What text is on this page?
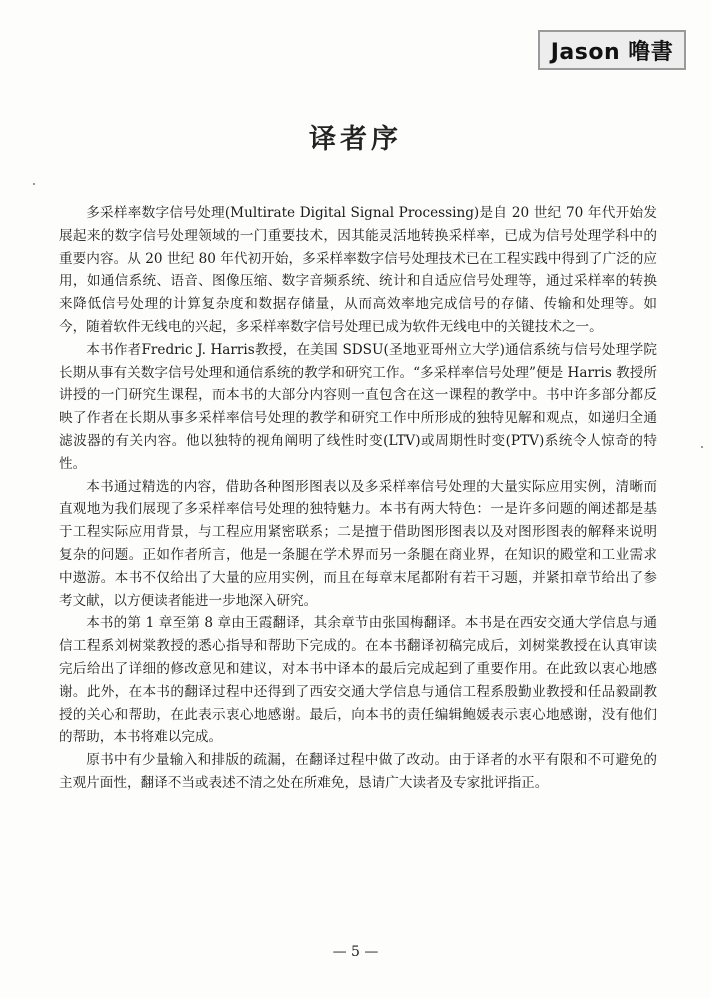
Jason 噜書
译者序

多采样率数字信号处理(Multirate Digital Signal Processing)是自 20 世纪 70 年代开始发展起来的数字信号处理领域的一门重要技术，因其能灵活地转换采样率，已成为信号处理学科中的重要内容。从 20 世纪 80 年代初开始，多采样率数字信号处理技术已在工程实践中得到了广泛的应用，如通信系统、语音、图像压缩、数字音频系统、统计和自适应信号处理等，通过采样率的转换来降低信号处理的计算复杂度和数据存储量，从而高效率地完成信号的存储、传输和处理等。如今，随着软件无线电的兴起，多采样率数字信号处理已成为软件无线电中的关键技术之一。

本书作者Fredric J. Harris教授，在美国 SDSU(圣地亚哥州立大学)通信系统与信号处理学院长期从事有关数字信号处理和通信系统的教学和研究工作。“多采样率信号处理”便是 Harris 教授所讲授的一门研究生课程，而本书的大部分内容则一直包含在这一课程的教学中。书中许多部分都反映了作者在长期从事多采样率信号处理的教学和研究工作中所形成的独特见解和观点，如递归全通滤波器的有关内容。他以独特的视角阐明了线性时变(LTV)或周期性时变(PTV)系统令人惊奇的特性。

本书通过精选的内容，借助各种图形图表以及多采样率信号处理的大量实际应用实例，清晰而直观地为我们展现了多采样率信号处理的独特魅力。本书有两大特色：一是许多问题的阐述都是基于工程实际应用背景，与工程应用紧密联系；二是擅于借助图形图表以及对图形图表的解释来说明复杂的问题。正如作者所言，他是一条腿在学术界而另一条腿在商业界，在知识的殿堂和工业需求中遨游。本书不仅给出了大量的应用实例，而且在每章末尾都附有若干习题，并紧扣章节给出了参考文献，以方便读者能进一步地深入研究。

本书的第 1 章至第 8 章由王霞翻译，其余章节由张国梅翻译。本书是在西安交通大学信息与通信工程系刘树棠教授的悉心指导和帮助下完成的。在本书翻译初稿完成后，刘树棠教授在认真审读完后给出了详细的修改意见和建议，对本书中译本的最后完成起到了重要作用。在此致以衷心地感谢。此外，在本书的翻译过程中还得到了西安交通大学信息与通信工程系殷勤业教授和任品毅副教授的关心和帮助，在此表示衷心地感谢。最后，向本书的责任编辑鲍媛表示衷心地感谢，没有他们的帮助，本书将难以完成。

原书中有少量输入和排版的疏漏，在翻译过程中做了改动。由于译者的水平有限和不可避免的主观片面性，翻译不当或表述不清之处在所难免，恳请广大读者及专家批评指正。

— 5 —
